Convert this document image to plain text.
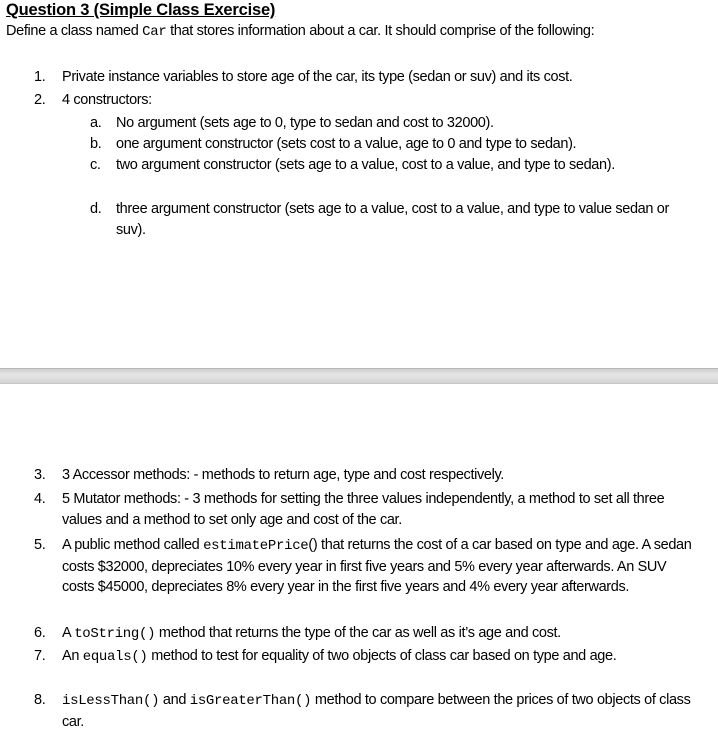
Question 3 (Simple Class Exercise)
Define a class named Car that stores information about a car. It should comprise of the following:
1.	Private instance variables to store age of the car, its type (sedan or suv) and its cost.
2.	4 constructors:
a.	No argument (sets age to 0, type to sedan and cost to 32000).
b.	one argument constructor (sets cost to a value, age to 0 and type to sedan).
c.	two argument constructor (sets age to a value, cost to a value, and type to sedan).
d.	three argument constructor (sets age to a value, cost to a value, and type to value sedan or suv).
3.	3 Accessor methods: - methods to return age, type and cost respectively.
4.	5 Mutator methods: - 3 methods for setting the three values independently, a method to set all three values and a method to set only age and cost of the car.
5.	A public method called estimatePrice() that returns the cost of a car based on type and age. A sedan costs $32000, depreciates 10% every year in first five years and 5% every year afterwards. An SUV costs $45000, depreciates 8% every year in the first five years and 4% every year afterwards.
6.	A toString() method that returns the type of the car as well as it’s age and cost.
7.	An equals() method to test for equality of two objects of class car based on type and age.
8.	isLessThan() and isGreaterThan() method to compare between the prices of two objects of class car.
